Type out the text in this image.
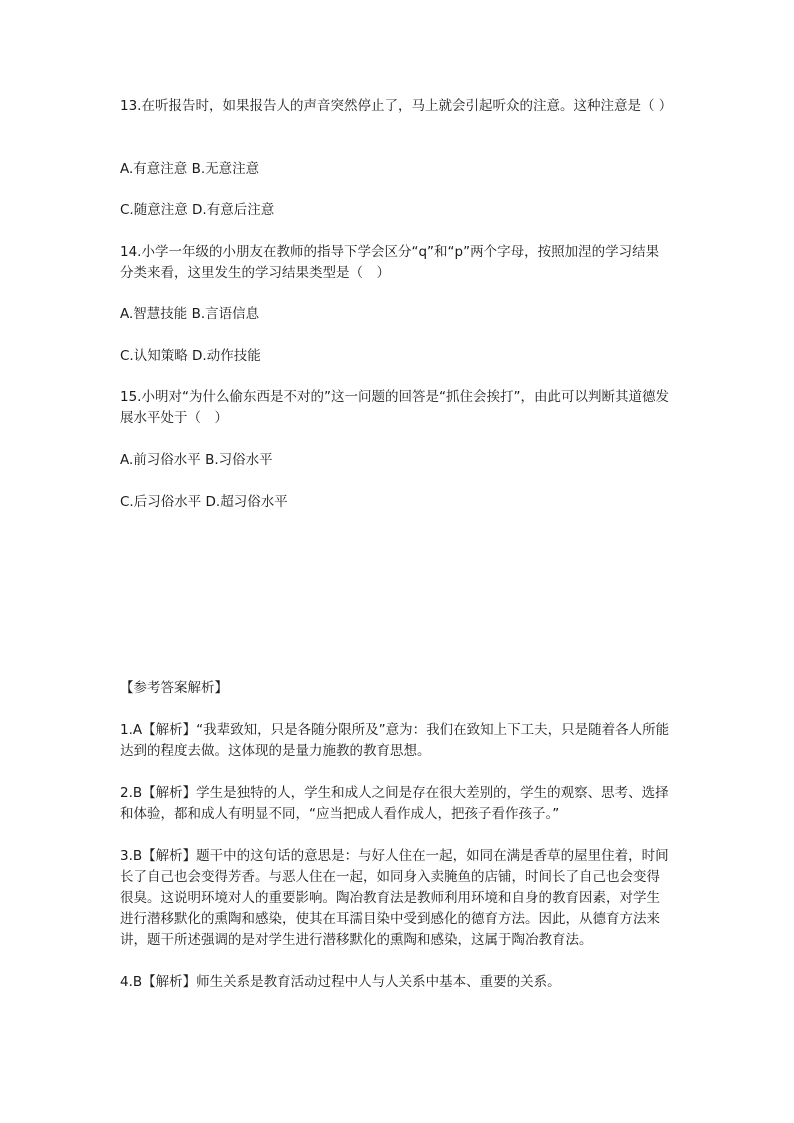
13.在听报告时，如果报告人的声音突然停止了，马上就会引起听众的注意。这种注意是（ ）

A.有意注意 B.无意注意

C.随意注意 D.有意后注意

14.小学一年级的小朋友在教师的指导下学会区分“q”和“p”两个字母，按照加涅的学习结果分类来看，这里发生的学习结果类型是（　）

A.智慧技能 B.言语信息

C.认知策略 D.动作技能

15.小明对“为什么偷东西是不对的”这一问题的回答是“抓住会挨打”，由此可以判断其道德发展水平处于（　）

A.前习俗水平 B.习俗水平

C.后习俗水平 D.超习俗水平

【参考答案解析】

1.A【解析】“我辈致知，只是各随分限所及”意为：我们在致知上下工夫，只是随着各人所能达到的程度去做。这体现的是量力施教的教育思想。

2.B【解析】学生是独特的人，学生和成人之间是存在很大差别的，学生的观察、思考、选择和体验，都和成人有明显不同，“应当把成人看作成人，把孩子看作孩子。”

3.B【解析】题干中的这句话的意思是：与好人住在一起，如同在满是香草的屋里住着，时间长了自己也会变得芳香。与恶人住在一起，如同身入卖腌鱼的店铺，时间长了自己也会变得很臭。这说明环境对人的重要影响。陶冶教育法是教师利用环境和自身的教育因素，对学生进行潜移默化的熏陶和感染，使其在耳濡目染中受到感化的德育方法。因此，从德育方法来讲，题干所述强调的是对学生进行潜移默化的熏陶和感染，这属于陶冶教育法。

4.B【解析】师生关系是教育活动过程中人与人关系中基本、重要的关系。
